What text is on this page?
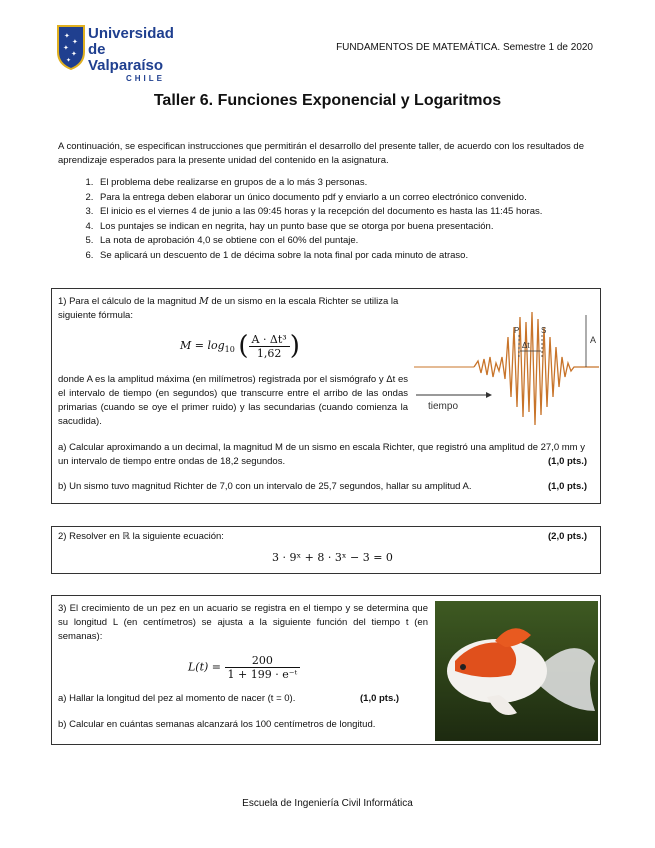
✦
✦
✦
✦
✦
Universidad
de Valparaíso
CHILE
FUNDAMENTOS DE MATEMÁTICA. Semestre 1 de 2020
Taller 6. Funciones Exponencial y Logaritmos
A continuación, se especifican instrucciones que permitirán el desarrollo del presente taller, de acuerdo con los resultados de aprendizaje esperados para la presente unidad del contenido en la asignatura.
1. El problema debe realizarse en grupos de a lo más 3 personas.
2. Para la entrega deben elaborar un único documento pdf y enviarlo a un correo electrónico convenido.
3. El inicio es el viernes 4 de junio a las 09:45 horas y la recepción del documento es hasta las 11:45 horas.
4. Los puntajes se indican en negrita, hay un punto base que se otorga por buena presentación.
5. La nota de aprobación 4,0 se obtiene con el 60% del puntaje.
6. Se aplicará un descuento de 1 de décima sobre la nota final por cada minuto de atraso.
1) Para el cálculo de la magnitud M de un sismo en la escala Richter se utiliza la siguiente fórmula:
$M = \log_{10}$ ( $\frac{\text{A · Δt³}}{1,62}$ )
donde A es la amplitud máxima (en milímetros) registrada por el sismógrafo y Δt es el intervalo de tiempo (en segundos) que transcurre entre el arribo de las ondas primarias (cuando se oye el primer ruido) y las secundarias (cuando comienza la sacudida).
P	S
Δt
A
tiempo
a) Calcular aproximando a un decimal, la magnitud M de un sismo en escala Richter, que registró una amplitud de 27,0 mm y un intervalo de tiempo entre ondas de 18,2 segundos.	(1,0 pts.)
b) Un sismo tuvo magnitud Richter de 7,0 con un intervalo de 25,7 segundos, hallar su amplitud A.	(1,0 pts.)
2) Resolver en ℝ la siguiente ecuación:	(2,0 pts.)
3 · 9ˣ + 8 · 3ˣ − 3 = 0
3) El crecimiento de un pez en un acuario se registra en el tiempo y se determina que su longitud L (en centímetros) se ajusta a la siguiente función del tiempo t (en semanas):
$L(t) = \frac{200}{\text{1 + 199 · e⁻ᵗ}}$
a) Hallar la longitud del pez al momento de nacer (t = 0).	(1,0 pts.)
b) Calcular en cuántas semanas alcanzará los 100 centímetros de longitud.
Escuela de Ingeniería Civil Informática
